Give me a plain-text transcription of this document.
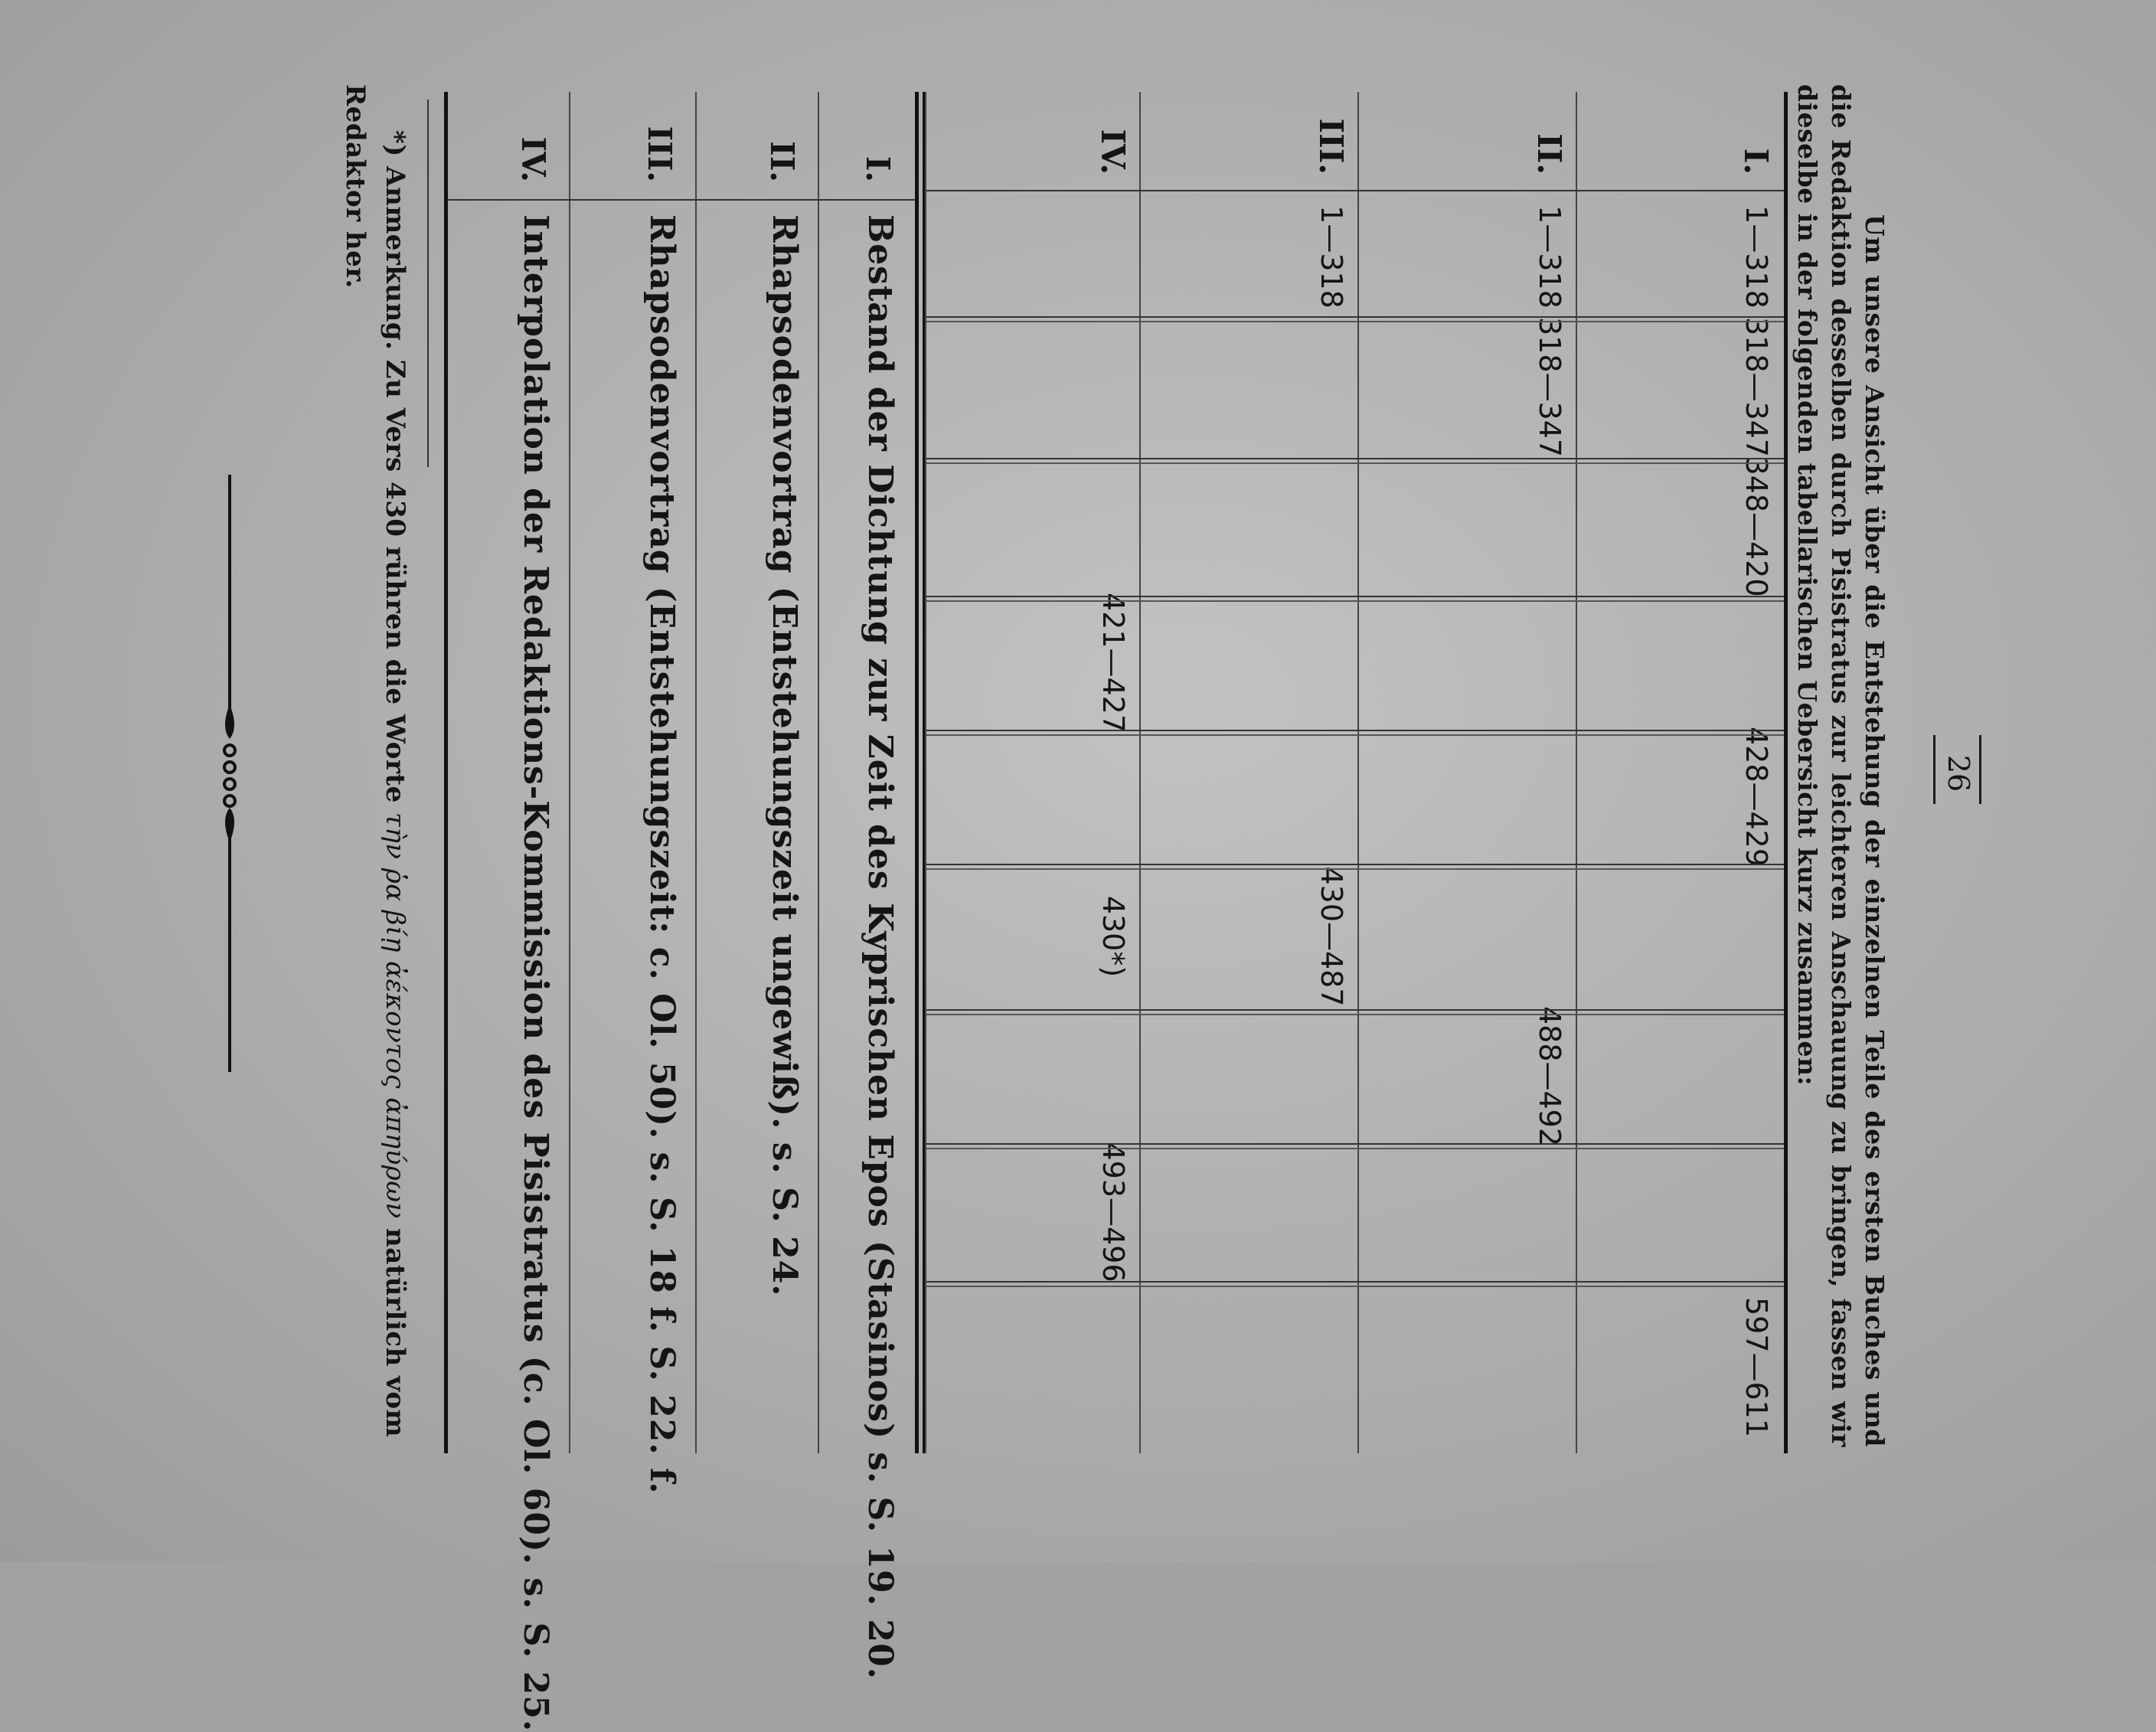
26

Um unsere Ansicht über die Entstehung der einzelnen Teile des ersten Buches und die Redaktion desselben durch Pisistratus zur leichteren Anschauung zu bringen, fassen wir dieselbe in der folgenden tabellarischen Uebersicht kurz zusammen:

I.
1—318
318—347
348—420
428—429
597—611
II.
1—318
318—347
488—492
III.
1—318
430—487
IV.
421—427
430*)
493—496
I.
Bestand der Dichtung zur Zeit des Kyprischen Epos (Stasinos) s. S. 19. 20.
II.
Rhapsodenvortrag (Entstehungszeit ungewiß). s. S. 24.
III.
Rhapsodenvortrag (Entstehungszeit: c. Ol. 50). s. S. 18 f. S. 22. f.
IV.
Interpolation der Redaktions-Kommission des Pisistratus (c. Ol. 60). s. S. 25.

*) Anmerkung. Zu Vers 430 rühren die Worte τὴν ῥα βίῃ ἀέκοντος ἀπηύρων natürlich vom Redaktor her.
